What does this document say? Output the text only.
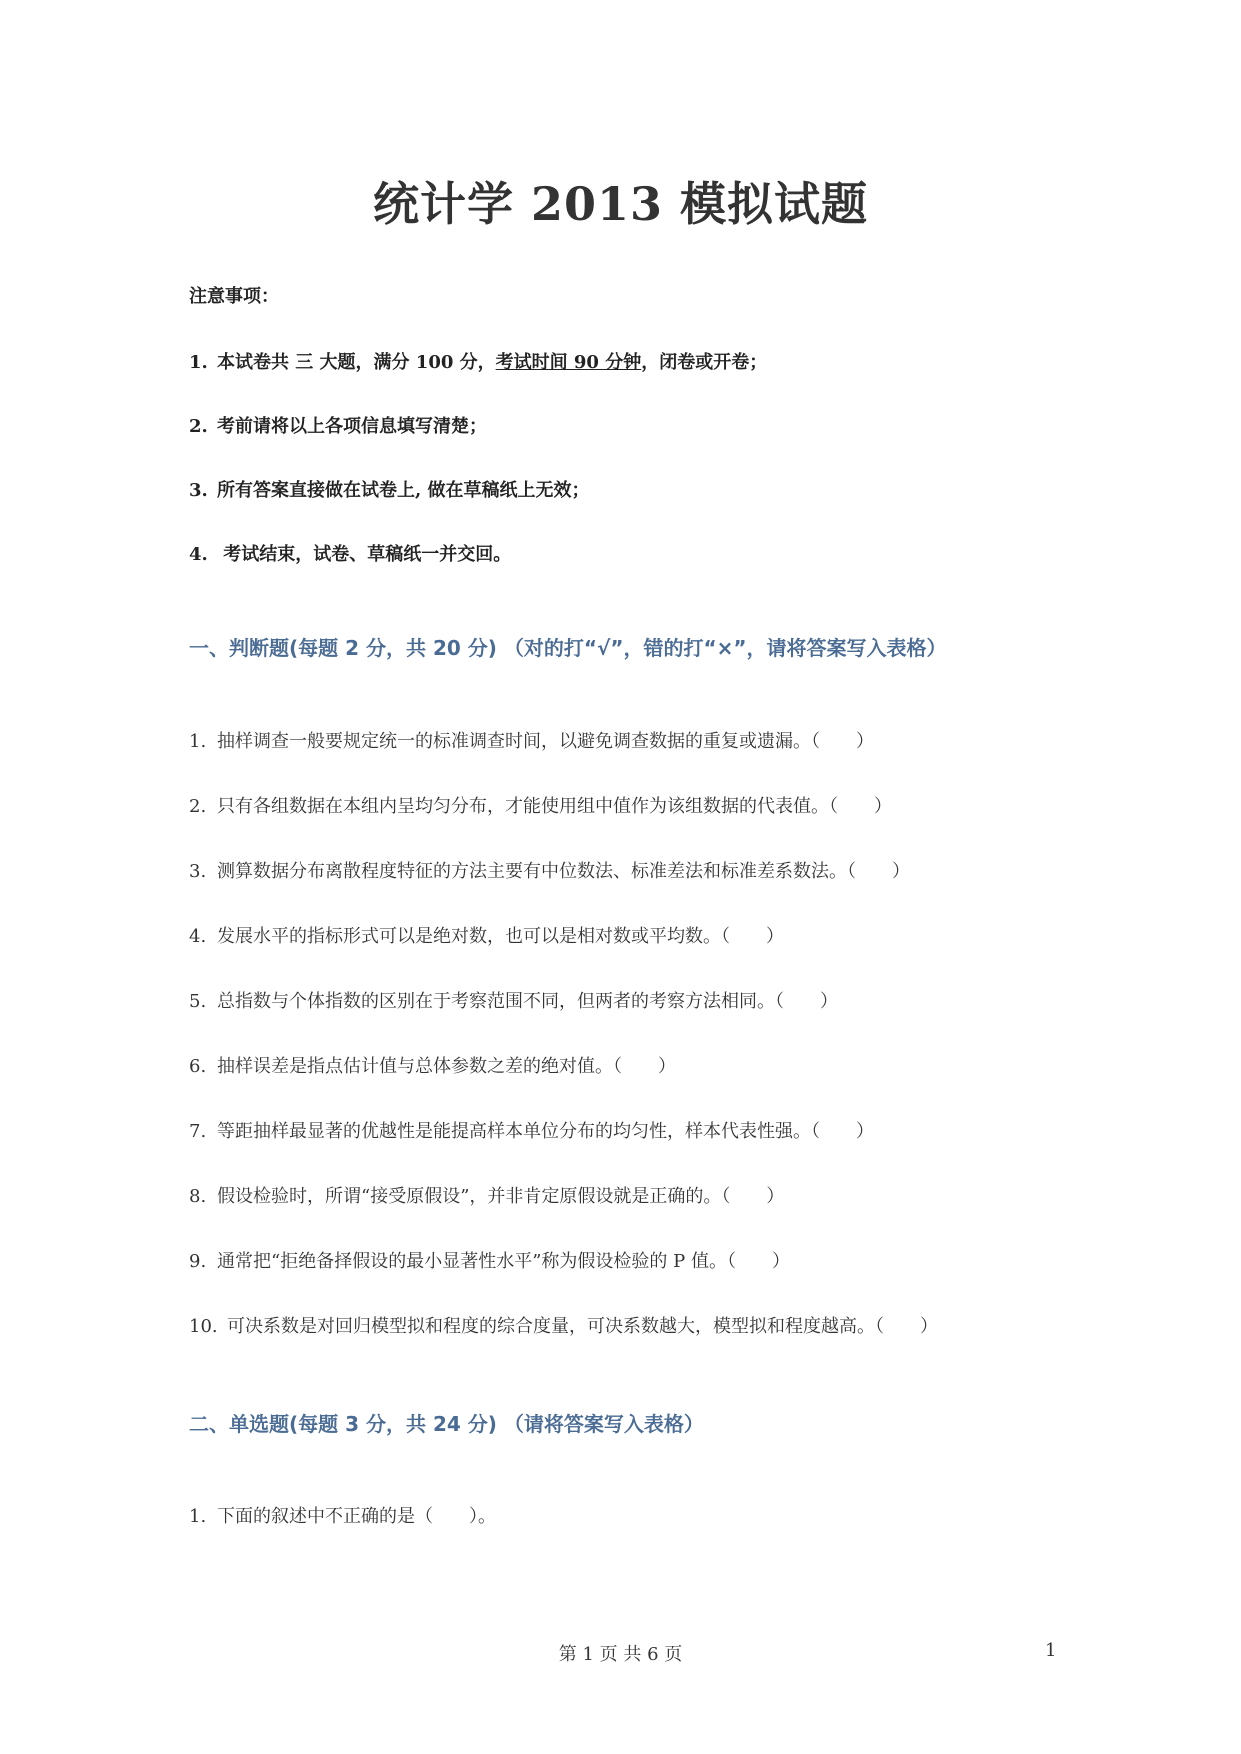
统计学 2013 模拟试题
注意事项：
1. 本试卷共 三 大题，满分 100 分，考试时间 90 分钟，闭卷或开卷；
2. 考前请将以上各项信息填写清楚；
3. 所有答案直接做在试卷上, 做在草稿纸上无效；
4. 考试结束，试卷、草稿纸一并交回。
一、判断题(每题 2 分，共 20 分) （对的打“√”，错的打“×”，请将答案写入表格）
1. 抽样调查一般要规定统一的标准调查时间，以避免调查数据的重复或遗漏。（　　）
2. 只有各组数据在本组内呈均匀分布，才能使用组中值作为该组数据的代表值。（　　）
3. 测算数据分布离散程度特征的方法主要有中位数法、标准差法和标准差系数法。（　　）
4. 发展水平的指标形式可以是绝对数，也可以是相对数或平均数。（　　）
5. 总指数与个体指数的区别在于考察范围不同，但两者的考察方法相同。（　　）
6. 抽样误差是指点估计值与总体参数之差的绝对值。（　　）
7. 等距抽样最显著的优越性是能提高样本单位分布的均匀性，样本代表性强。（　　）
8. 假设检验时，所谓“接受原假设”，并非肯定原假设就是正确的。（　　）
9. 通常把“拒绝备择假设的最小显著性水平”称为假设检验的 P 值。（　　）
10. 可决系数是对回归模型拟和程度的综合度量，可决系数越大，模型拟和程度越高。（　　）
二、单选题(每题 3 分，共 24 分) （请将答案写入表格）
1. 下面的叙述中不正确的是（　　）。
第 1 页 共 6 页	1
